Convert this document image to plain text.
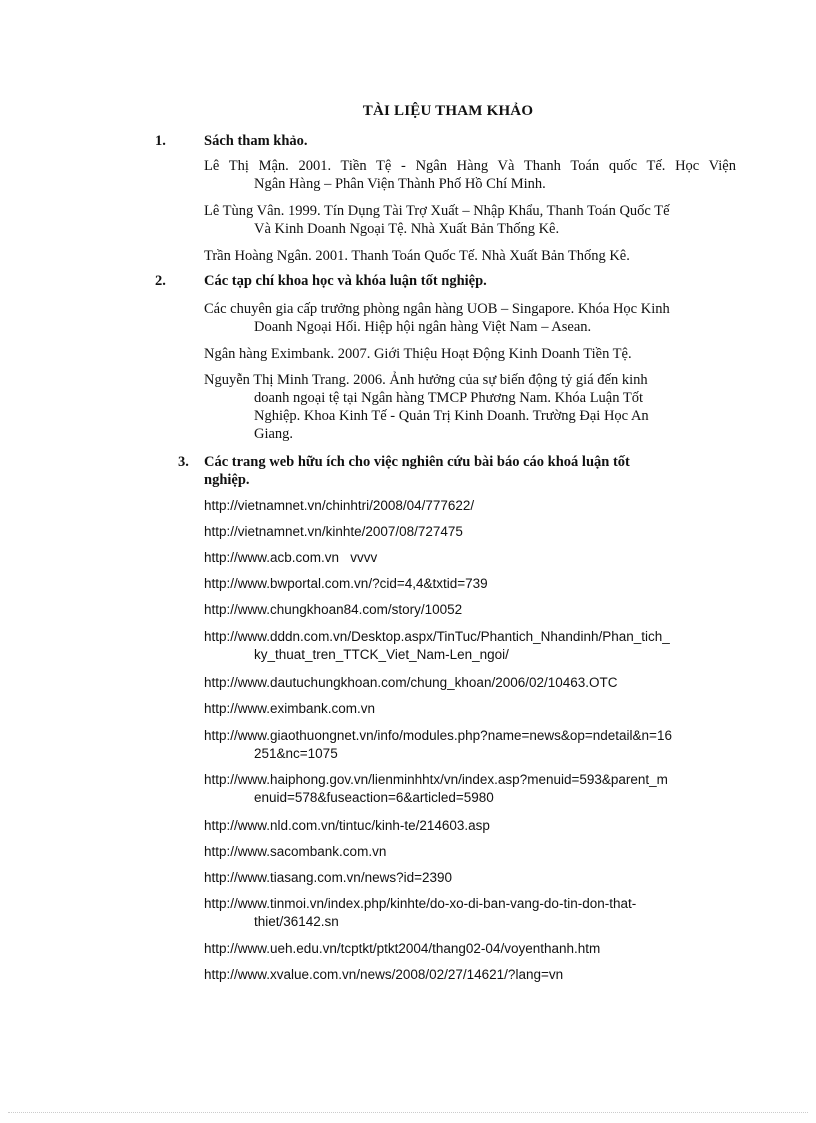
TÀI LIỆU THAM KHẢO
1.	Sách tham khảo.
Lê Thị Mận. 2001. Tiền Tệ - Ngân Hàng Và Thanh Toán quốc Tế. Học Viện
Ngân Hàng – Phân Viện Thành Phố Hồ Chí Minh.
Lê Tùng Vân. 1999. Tín Dụng Tài Trợ Xuất – Nhập Khẩu, Thanh Toán Quốc Tế
Và Kinh Doanh Ngoại Tệ. Nhà Xuất Bản Thống Kê.
Trần Hoàng Ngân. 2001. Thanh Toán Quốc Tế. Nhà Xuất Bản Thống Kê.
2.	Các tạp chí khoa học và khóa luận tốt nghiệp.
Các chuyên gia cấp trưởng phòng ngân hàng UOB – Singapore. Khóa Học Kinh
Doanh Ngoại Hối. Hiệp hội ngân hàng Việt Nam – Asean.
Ngân hàng Eximbank. 2007. Giới Thiệu Hoạt Động Kinh Doanh Tiền Tệ.
Nguyễn Thị Minh Trang. 2006. Ảnh hưởng của sự biến động tỷ giá đến kinh
doanh ngoại tệ tại Ngân hàng TMCP Phương Nam. Khóa Luận Tốt
Nghiệp. Khoa Kinh Tế - Quản Trị Kinh Doanh. Trường Đại Học An
Giang.
3. Các trang web hữu ích cho việc nghiên cứu bài báo cáo khoá luận tốt
nghiệp.
http://vietnamnet.vn/chinhtri/2008/04/777622/
http://vietnamnet.vn/kinhte/2007/08/727475
http://www.acb.com.vn   vvvv
http://www.bwportal.com.vn/?cid=4,4&txtid=739
http://www.chungkhoan84.com/story/10052
http://www.dddn.com.vn/Desktop.aspx/TinTuc/Phantich_Nhandinh/Phan_tich_
ky_thuat_tren_TTCK_Viet_Nam-Len_ngoi/
http://www.dautuchungkhoan.com/chung_khoan/2006/02/10463.OTC
http://www.eximbank.com.vn
http://www.giaothuongnet.vn/info/modules.php?name=news&op=ndetail&n=16
251&nc=1075
http://www.haiphong.gov.vn/lienminhhtx/vn/index.asp?menuid=593&parent_m
enuid=578&fuseaction=6&articled=5980
http://www.nld.com.vn/tintuc/kinh-te/214603.asp
http://www.sacombank.com.vn
http://www.tiasang.com.vn/news?id=2390
http://www.tinmoi.vn/index.php/kinhte/do-xo-di-ban-vang-do-tin-don-that-
thiet/36142.sn
http://www.ueh.edu.vn/tcptkt/ptkt2004/thang02-04/voyenthanh.htm
http://www.xvalue.com.vn/news/2008/02/27/14621/?lang=vn
